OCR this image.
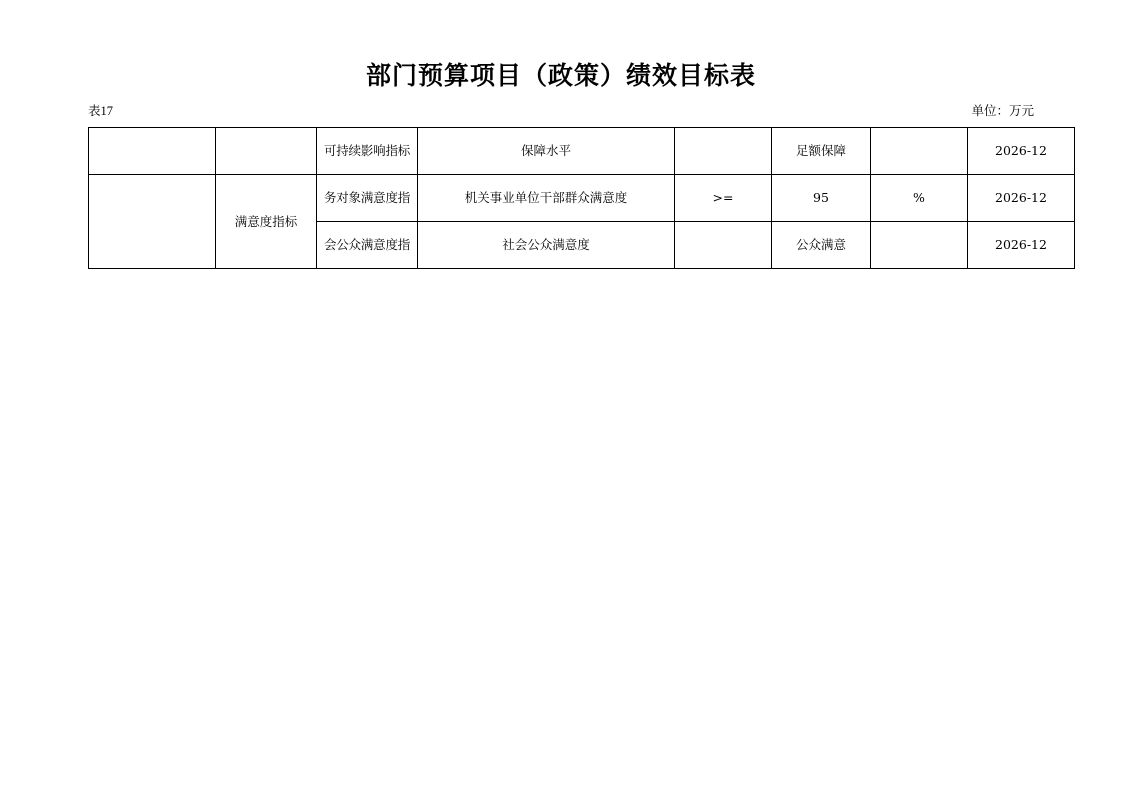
部门预算项目（政策）绩效目标表
表17	单位：万元
		可持续影响指标	保障水平		足额保障		2026-12
	满意度指标	务对象满意度指	机关事业单位干部群众满意度	>=	95	%	2026-12
		会公众满意度指	社会公众满意度		公众满意		2026-12
